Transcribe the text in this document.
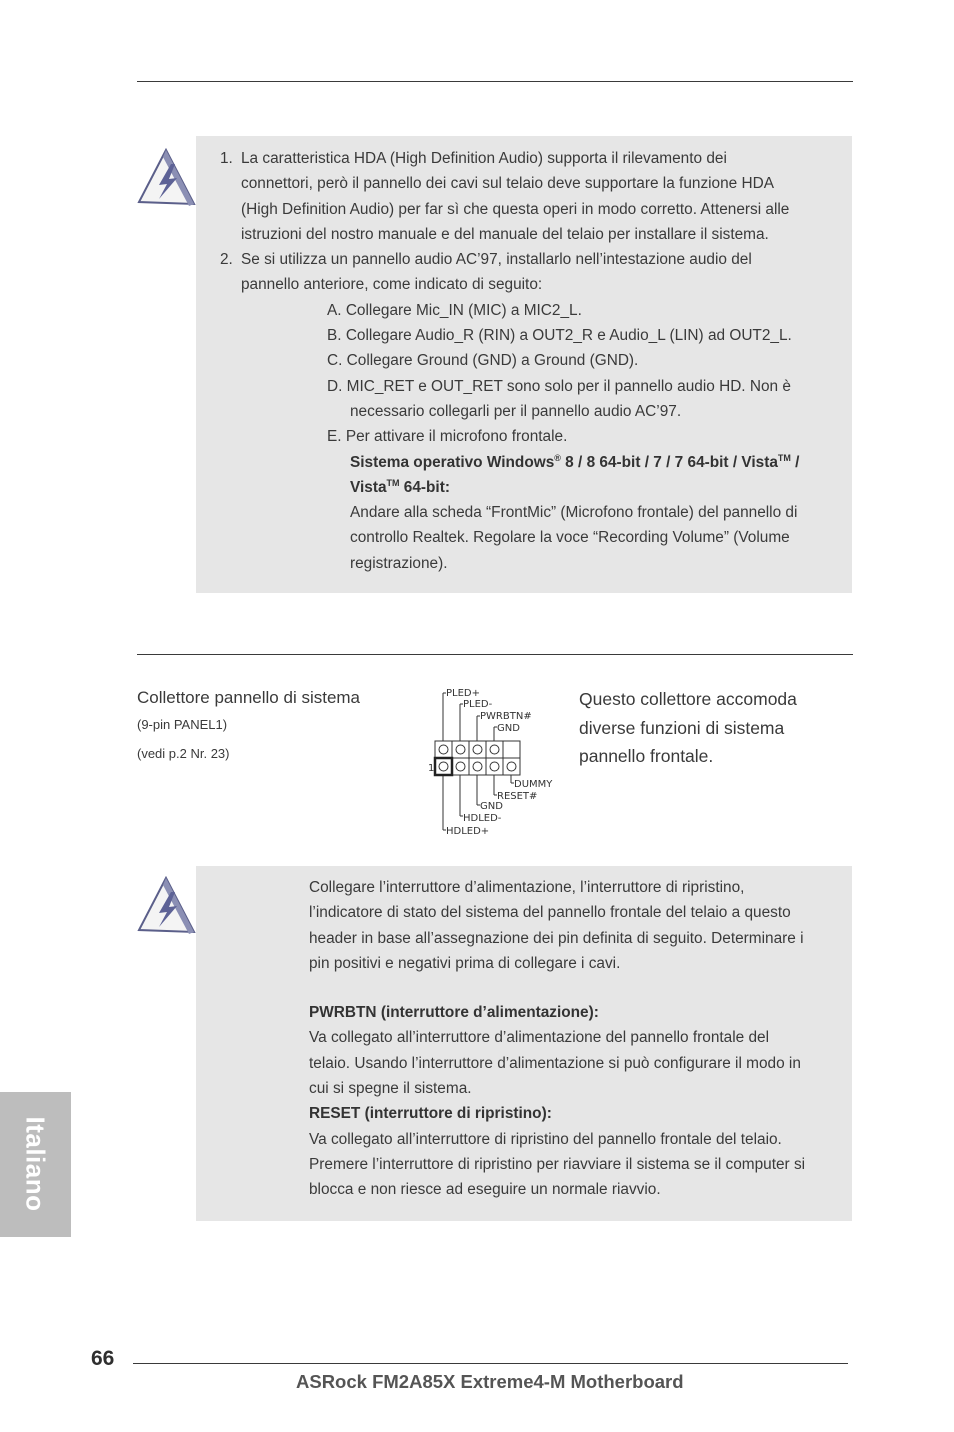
1. La caratteristica HDA (High Definition Audio) supporta il rilevamento dei
connettori, però il pannello dei cavi sul telaio deve supportare la funzione HDA
(High Definition Audio) per far sì che questa operi in modo corretto. Attenersi alle
istruzioni del nostro manuale e del manuale del telaio per installare il sistema.
2. Se si utilizza un pannello audio AC’97, installarlo nell’intestazione audio del
pannello anteriore, come indicato di seguito:
A. Collegare Mic_IN (MIC) a MIC2_L.
B. Collegare Audio_R (RIN) a OUT2_R e Audio_L (LIN) ad OUT2_L.
C. Collegare Ground (GND) a Ground (GND).
D. MIC_RET e OUT_RET sono solo per il pannello audio HD. Non è
necessario collegarli per il pannello audio AC’97.
E. Per attivare il microfono frontale.
Sistema operativo Windows® 8 / 8 64-bit / 7 / 7 64-bit / Vista™ /
Vista™ 64-bit:
Andare alla scheda “FrontMic” (Microfono frontale) del pannello di
controllo Realtek. Regolare la voce “Recording Volume” (Volume
registrazione).
Collettore pannello di sistema
(9-pin PANEL1)
(vedi p.2 Nr. 23)
PLED+
PLED-
PWRBTN#
GND
1
DUMMY
RESET#
GND
HDLED-
HDLED+
Questo collettore accomoda
diverse funzioni di sistema
pannello frontale.
Collegare l’interruttore d’alimentazione, l’interruttore di ripristino,
l’indicatore di stato del sistema del pannello frontale del telaio a questo
header in base all’assegnazione dei pin definita di seguito. Determinare i
pin positivi e negativi prima di collegare i cavi.
PWRBTN (interruttore d’alimentazione):
Va collegato all’interruttore d’alimentazione del pannello frontale del
telaio. Usando l’interruttore d’alimentazione si può configurare il modo in
cui si spegne il sistema.
RESET (interruttore di ripristino):
Va collegato all’interruttore di ripristino del pannello frontale del telaio.
Premere l’interruttore di ripristino per riavviare il sistema se il computer si
blocca e non riesce ad eseguire un normale riavvio.
Italiano
66
ASRock FM2A85X Extreme4-M Motherboard
